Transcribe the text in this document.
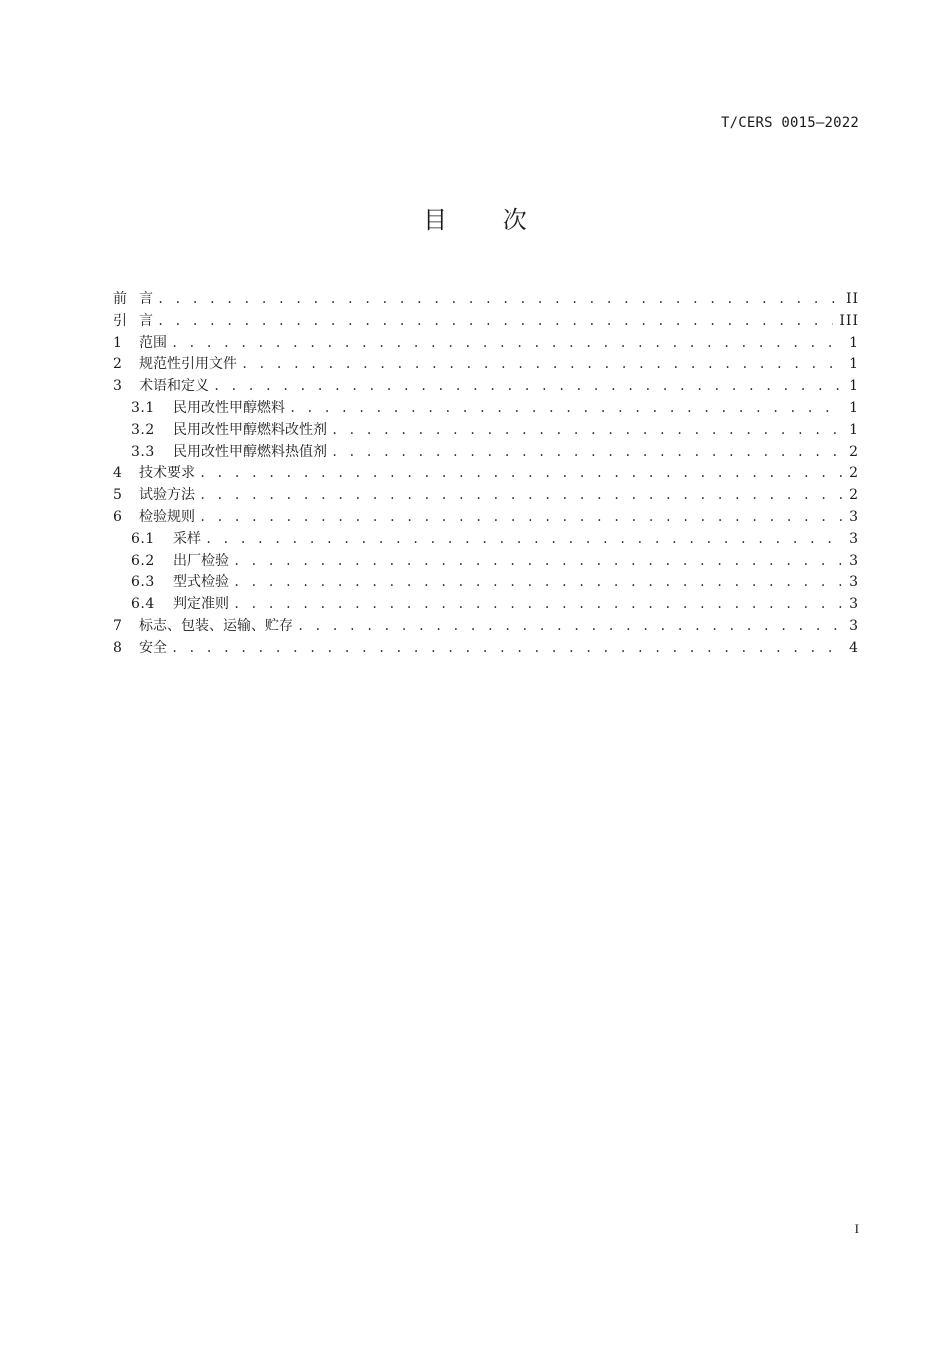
T/CERS 0015—2022
目 次
前 言 . . .	II
引 言 . . .	III
1	范围 . . .	1
2	规范性引用文件 . . .	1
3	术语和定义 . . .	1
3.1	民用改性甲醇燃料 . . .	1
3.2	民用改性甲醇燃料改性剂 . . .	1
3.3	民用改性甲醇燃料热值剂 . . .	2
4	技术要求 . . .	2
5	试验方法 . . .	2
6	检验规则 . . .	3
6.1	采样 . . .	3
6.2	出厂检验 . . .	3
6.3	型式检验 . . .	3
6.4	判定准则 . . .	3
7	标志、包装、运输、贮存 . . .	3
8	安全 . . .	4
I
